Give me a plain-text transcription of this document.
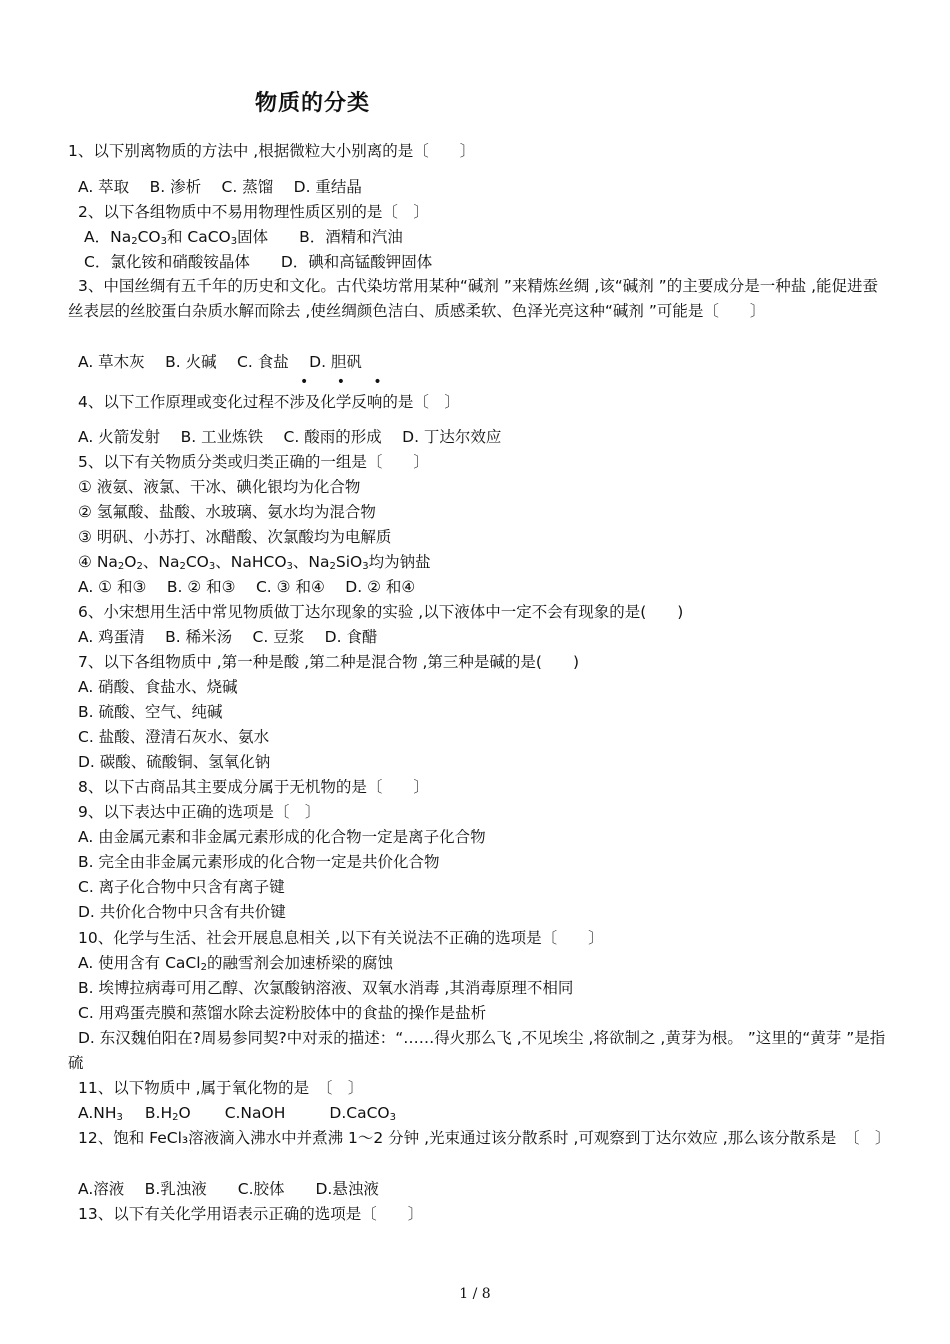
物质的分类
1、以下别离物质的方法中 ,根据微粒大小别离的是〔　　〕
A. 萃取　 B. 渗析　 C. 蒸馏　 D. 重结晶
2、以下各组物质中不易用物理性质区别的是〔　〕
A．$Na_2CO_3$和 CaCO$_3$固体　　B．酒精和汽油
C．氯化铵和硝酸铵晶体　　D．碘和高锰酸钾固体
3、中国丝绸有五千年的历史和文化。古代染坊常用某种“碱剂 ”来精炼丝绸 ,该“碱剂 ”的主要成分是一种盐 ,能促进蚕丝表层的丝胶蛋白杂质水解而除去 ,使丝绸颜色洁白、质感柔软、色泽光亮这种“碱剂 ”可能是〔　　〕
A. 草木灰　 B. 火碱　 C. 食盐　 D. 胆矾
• • •
4、以下工作原理或变化过程不涉及化学反响的是〔　〕
A. 火箭发射　 B. 工业炼铁　 C. 酸雨的形成　 D. 丁达尔效应
5、以下有关物质分类或归类正确的一组是〔　　〕
① 液氨、液氯、干冰、碘化银均为化合物
② 氢氟酸、盐酸、水玻璃、氨水均为混合物
③ 明矾、小苏打、冰醋酸、次氯酸均为电解质
④ $Na_2O_2$、$Na_2CO_3$、NaHCO$_3$、$Na_2SiO_3$均为钠盐
A. ① 和③　 B. ② 和③　 C. ③ 和④　 D. ② 和④
6、小宋想用生活中常见物质做丁达尔现象的实验 ,以下液体中一定不会有现象的是(　　)
A. 鸡蛋清　 B. 稀米汤　 C. 豆浆　 D. 食醋
7、以下各组物质中 ,第一种是酸 ,第二种是混合物 ,第三种是碱的是(　　)
A. 硝酸、食盐水、烧碱
B. 硫酸、空气、纯碱
C. 盐酸、澄清石灰水、氨水
D. 碳酸、硫酸铜、氢氧化钠
8、以下古商品其主要成分属于无机物的是〔　　〕
9、以下表达中正确的选项是〔　〕
A. 由金属元素和非金属元素形成的化合物一定是离子化合物
B. 完全由非金属元素形成的化合物一定是共价化合物
C. 离子化合物中只含有离子键
D. 共价化合物中只含有共价键
10、化学与生活、社会开展息息相关 ,以下有关说法不正确的选项是〔　　〕
A. 使用含有 CaCl$_2$的融雪剂会加速桥梁的腐蚀
B. 埃博拉病毒可用乙醇、次氯酸钠溶液、双氧水消毒 ,其消毒原理不相同
C. 用鸡蛋壳膜和蒸馏水除去淀粉胶体中的食盐的操作是盐析
D. 东汉魏伯阳在?周易参同契?中对汞的描述：“……得火那么飞 ,不见埃尘 ,将欲制之 ,黄芽为根。 ”这里的“黄芽 ”是指硫
11、以下物质中 ,属于氧化物的是　〔　〕
$A.NH_3$ $B.H_2O$ C.NaOH	D.CaCO$_3$
12、饱和 FeCl₃溶液滴入沸水中并煮沸 1～2 分钟 ,光束通过该分散系时 ,可观察到丁达尔效应 ,那么该分散系是　〔　〕
A.溶液　 B.乳浊液　　C.胶体　　D.悬浊液
13、以下有关化学用语表示正确的选项是〔　　〕
1 / 8
